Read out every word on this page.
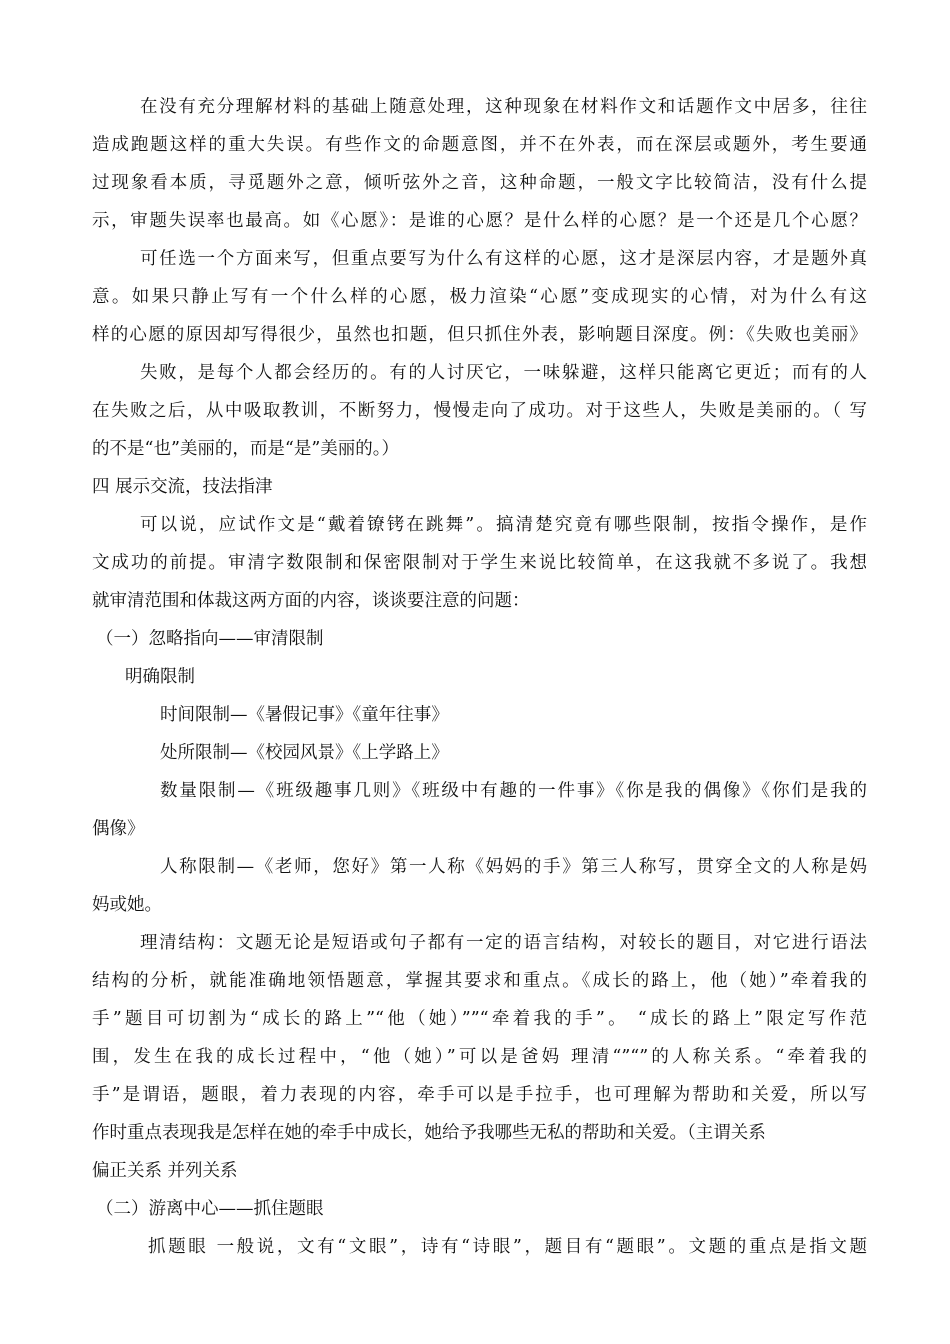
在没有充分理解材料的基础上随意处理，这种现象在材料作文和话题作文中居多，往往
造成跑题这样的重大失误。有些作文的命题意图，并不在外表，而在深层或题外，考生要通
过现象看本质，寻觅题外之意，倾听弦外之音，这种命题，一般文字比较简洁，没有什么提
示，审题失误率也最高。如《心愿》：是谁的心愿？是什么样的心愿？是一个还是几个心愿？
可任选一个方面来写，但重点要写为什么有这样的心愿，这才是深层内容，才是题外真
意。如果只静止写有一个什么样的心愿，极力渲染“心愿”变成现实的心情，对为什么有这
样的心愿的原因却写得很少，虽然也扣题，但只抓住外表，影响题目深度。例：《失败也美丽》
失败，是每个人都会经历的。有的人讨厌它，一味躲避，这样只能离它更近；而有的人
在失败之后，从中吸取教训，不断努力，慢慢走向了成功。对于这些人，失败是美丽的。（ 写
的不是“也”美丽的，而是“是”美丽的。）
四 展示交流，技法指津
可以说，应试作文是“戴着镣铐在跳舞”。搞清楚究竟有哪些限制，按指令操作，是作
文成功的前提。审清字数限制和保密限制对于学生来说比较简单，在这我就不多说了。我想
就审清范围和体裁这两方面的内容，谈谈要注意的问题：
（一）忽略指向——审清限制
明确限制
时间限制—《暑假记事》《童年往事》
处所限制—《校园风景》《上学路上》
数量限制—《班级趣事几则》《班级中有趣的一件事》《你是我的偶像》《你们是我的
偶像》
人称限制—《老师，您好》第一人称《妈妈的手》第三人称写，贯穿全文的人称是妈
妈或她。
理清结构：文题无论是短语或句子都有一定的语言结构，对较长的题目，对它进行语法
结构的分析，就能准确地领悟题意，掌握其要求和重点。《成长的路上，他（她）”牵着我的
手”题目可切割为“成长的路上”“他（她）””“牵着我的手”。 “成长的路上”限定写作范
围，发生在我的成长过程中，“他（她）”可以是爸妈 理清“”“”的人称关系。“牵着我的
手”是谓语，题眼，着力表现的内容，牵手可以是手拉手，也可理解为帮助和关爱，所以写
作时重点表现我是怎样在她的牵手中成长，她给予我哪些无私的帮助和关爱。（主谓关系
偏正关系 并列关系
（二）游离中心——抓住题眼
抓题眼 一般说，文有“文眼”，诗有“诗眼”，题目有“题眼”。文题的重点是指文题
